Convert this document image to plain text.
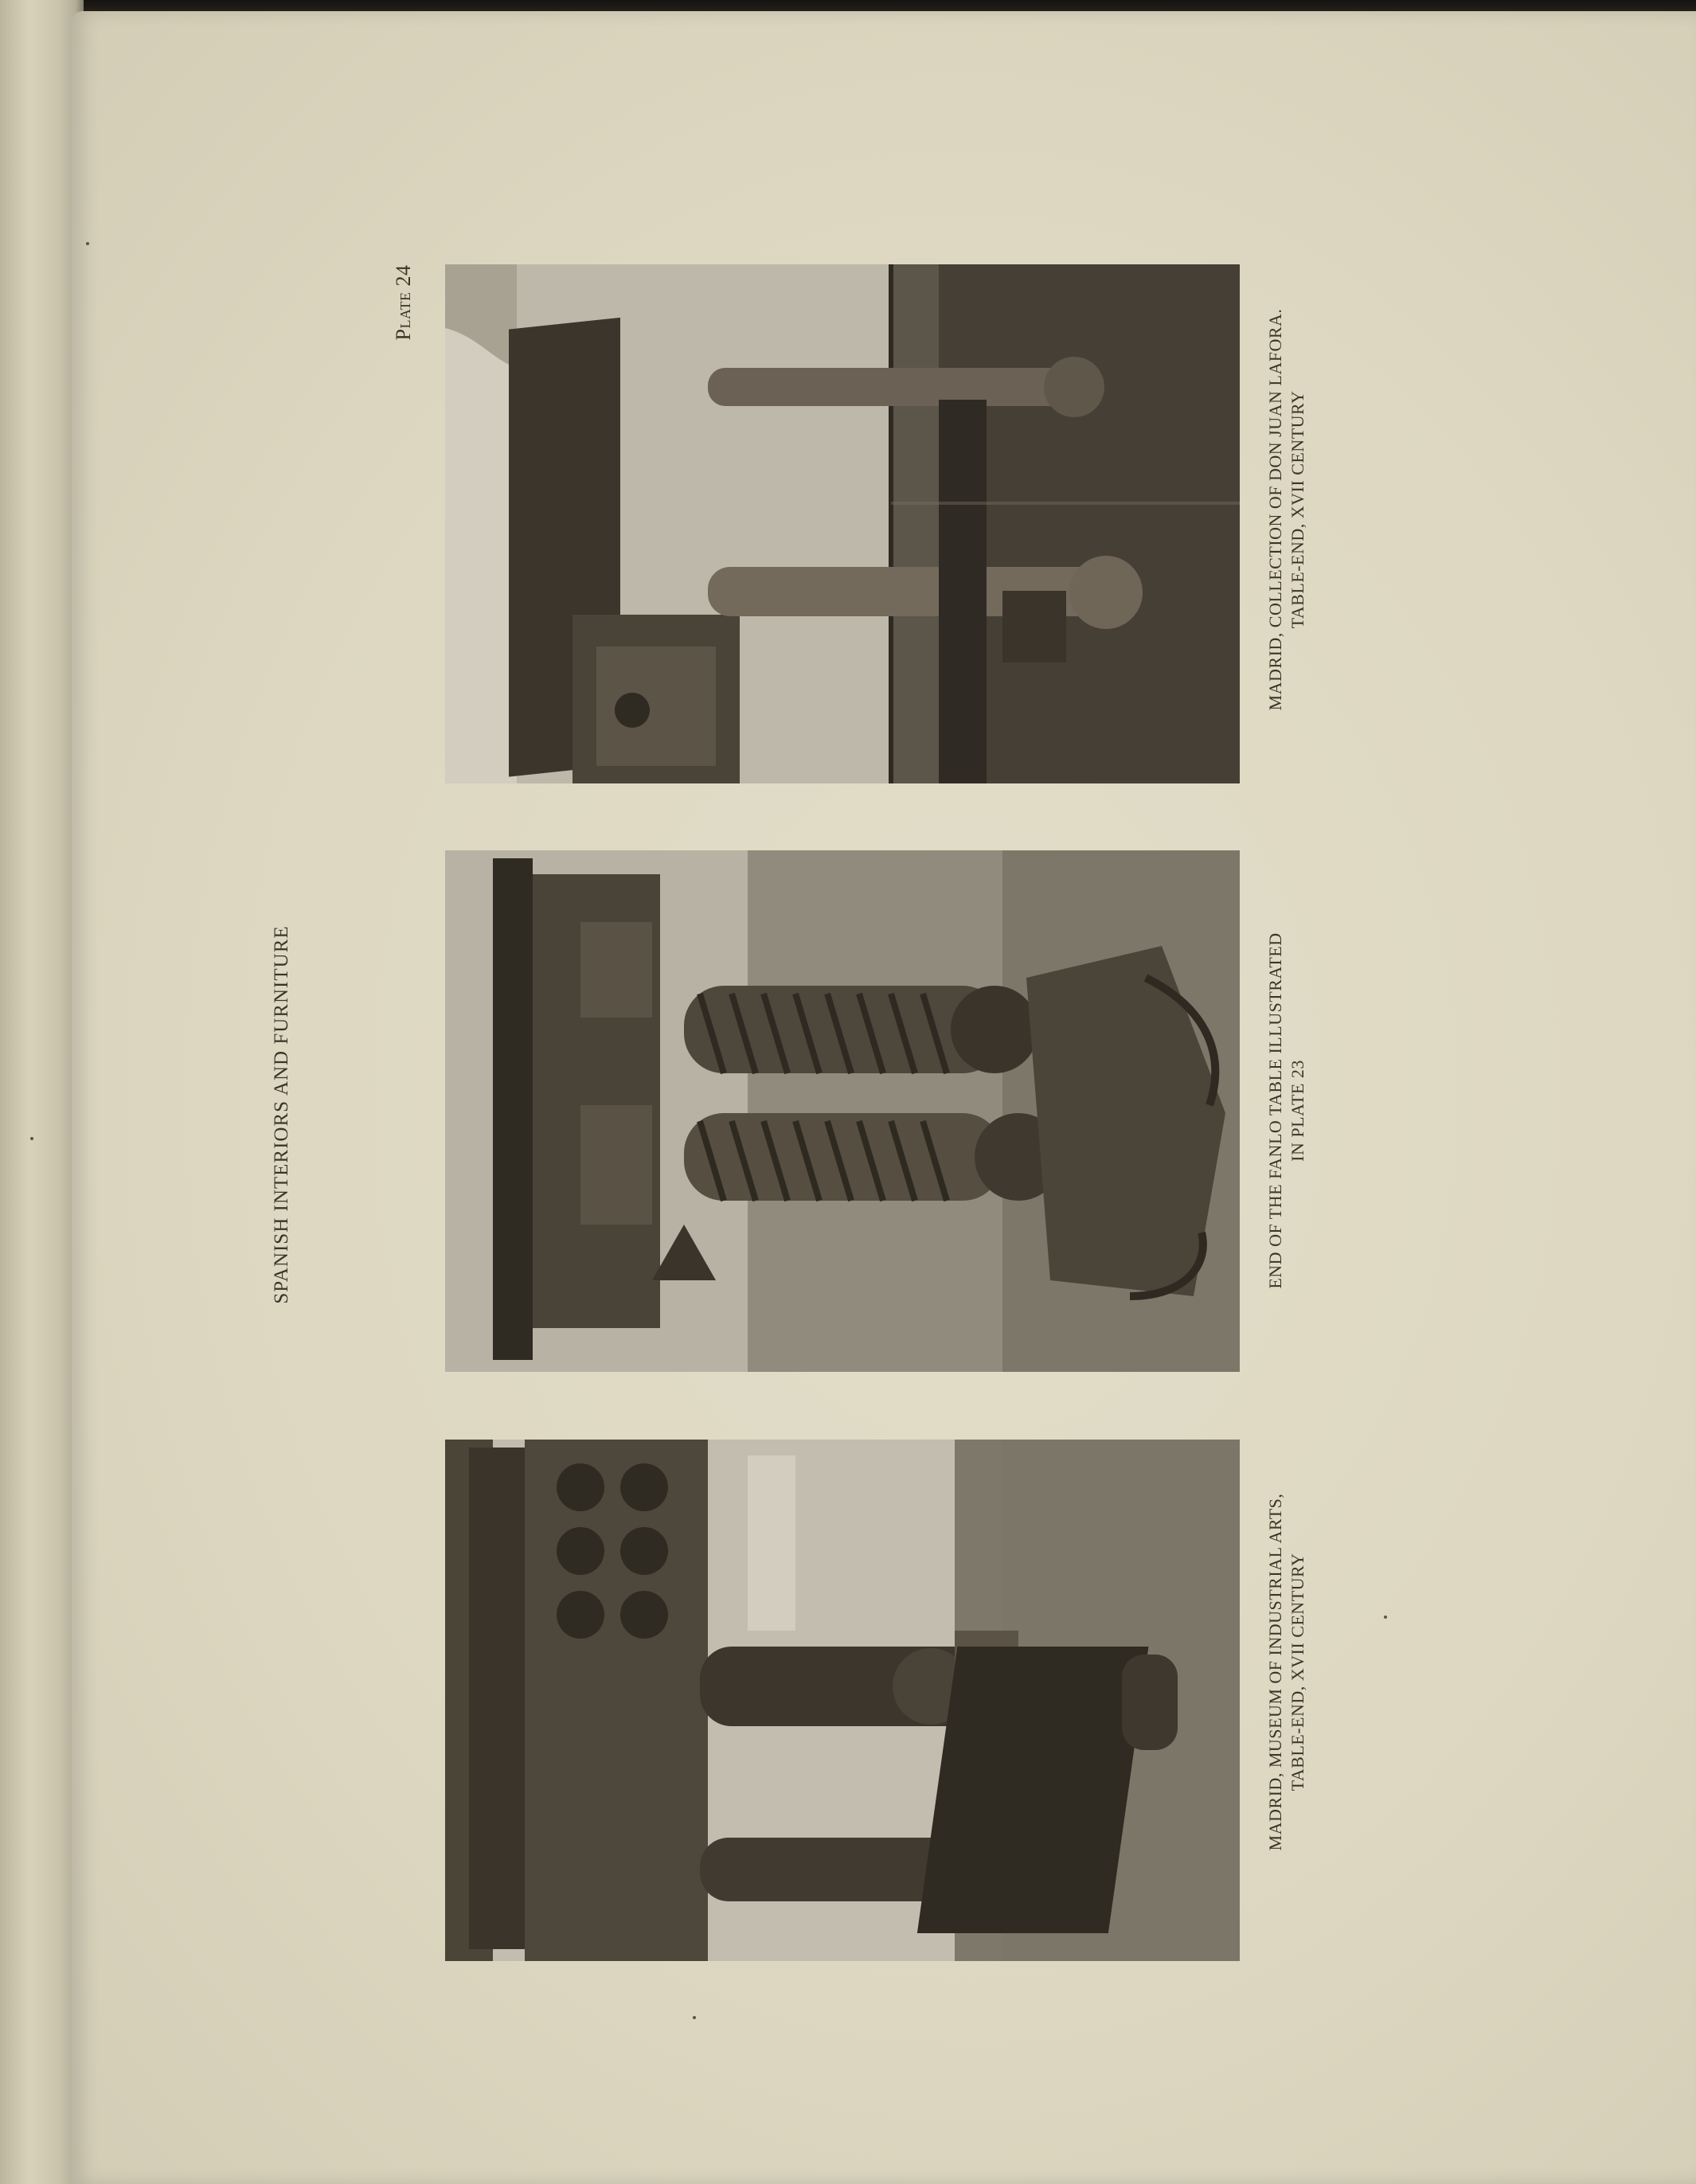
SPANISH INTERIORS AND FURNITURE

Plate 24

MADRID, COLLECTION OF DON JUAN LAFORA. TABLE-END, XVII CENTURY

END OF THE FANLO TABLE ILLUSTRATED IN PLATE 23

MADRID, MUSEUM OF INDUSTRIAL ARTS, TABLE-END, XVII CENTURY
